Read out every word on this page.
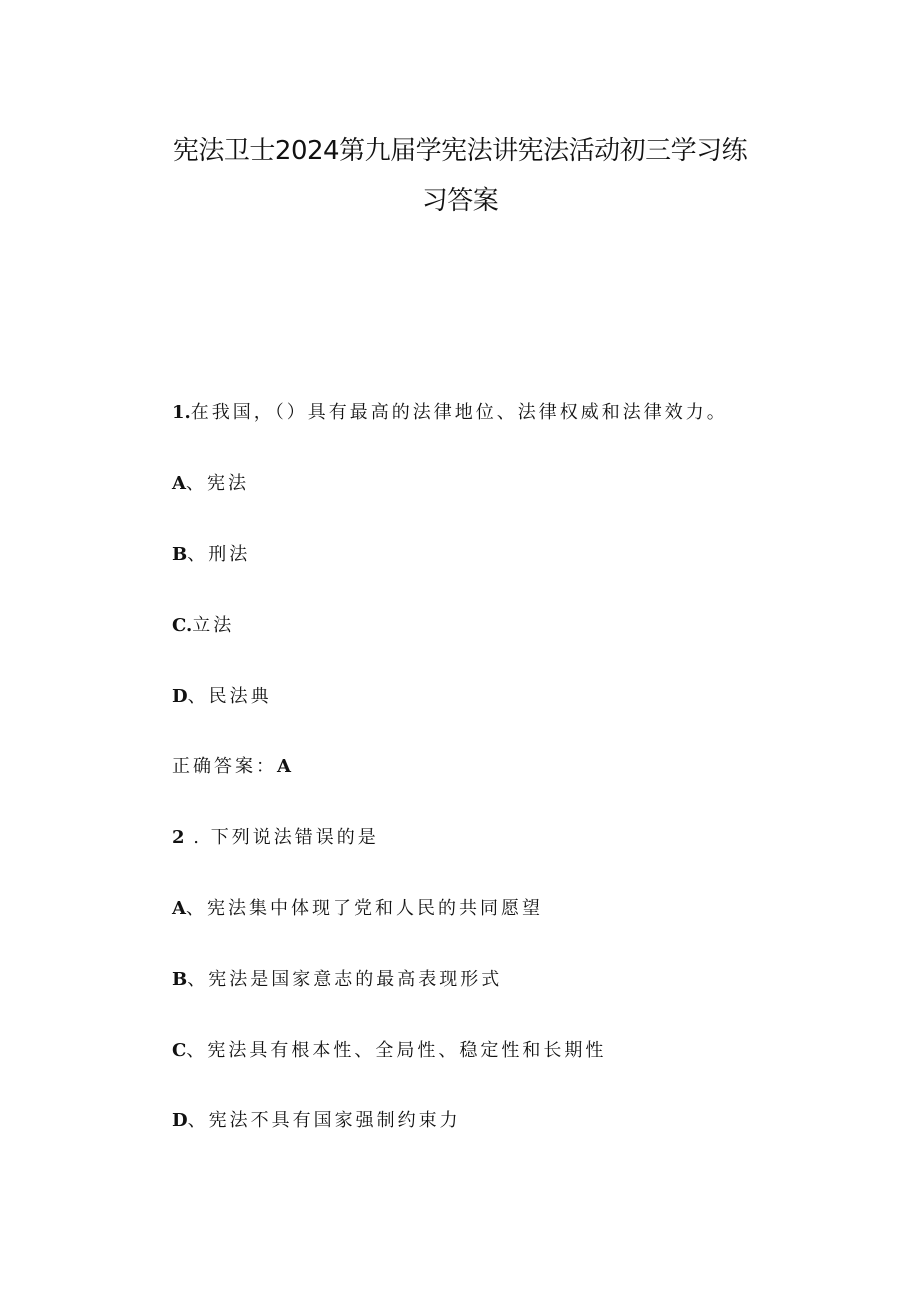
宪法卫士2024第九届学宪法讲宪法活动初三学习练
习答案
1.在我国，（）具有最高的法律地位、法律权威和法律效力。
A、宪法
B、刑法
C.立法
D、民法典
正确答案：A
2 . 下列说法错误的是
A、宪法集中体现了党和人民的共同愿望
B、宪法是国家意志的最高表现形式
C、宪法具有根本性、全局性、稳定性和长期性
D、宪法不具有国家强制约束力
